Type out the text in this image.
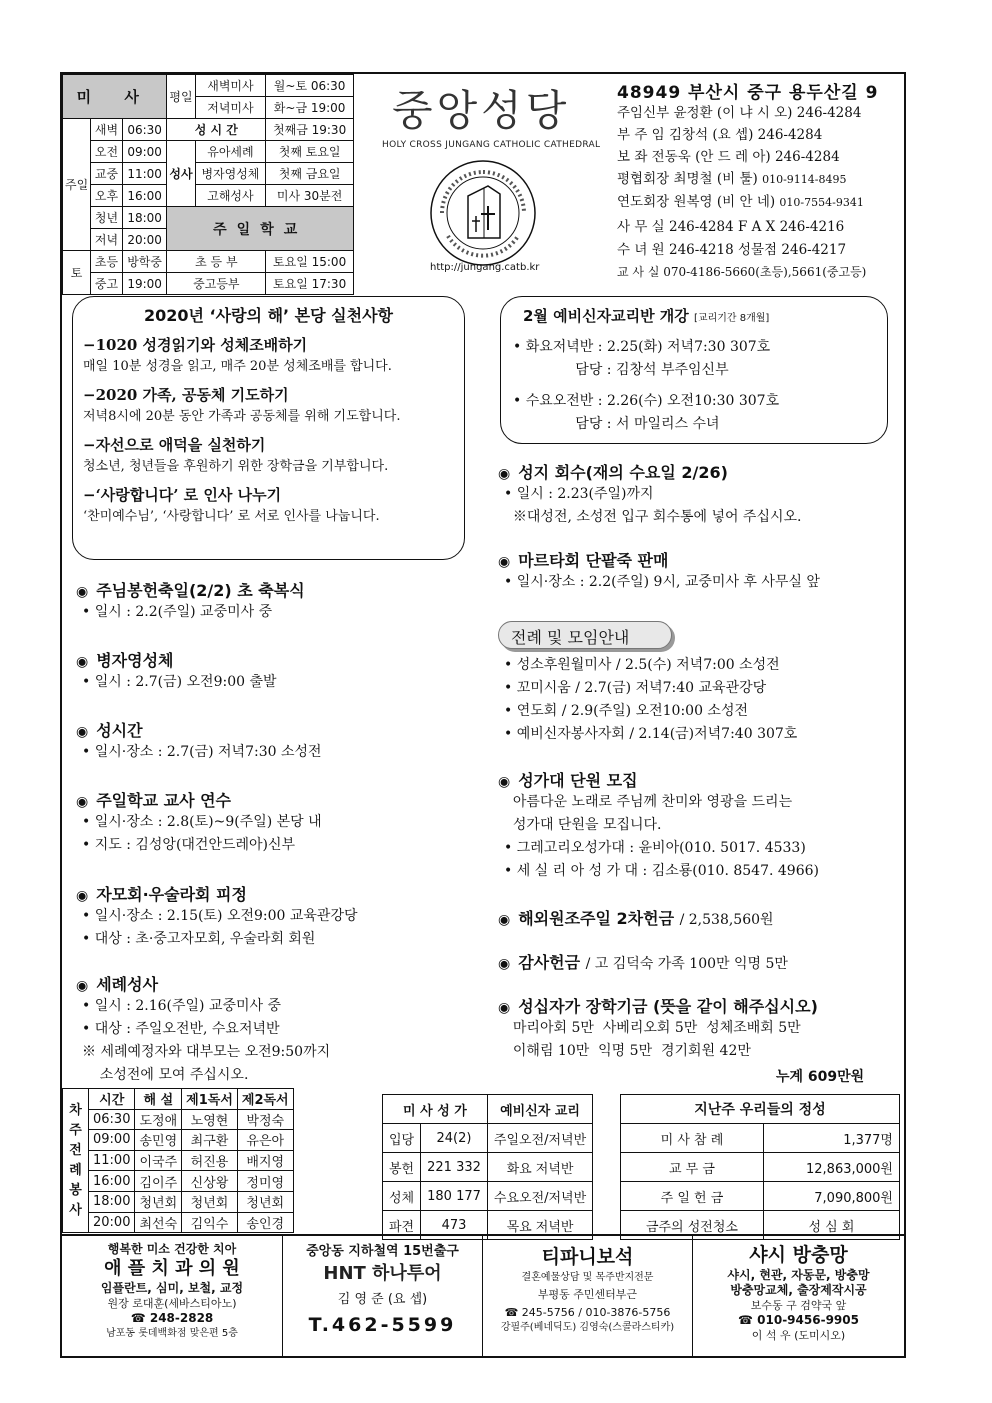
미 사			평일	새벽미사	월~토 06:30
				저녁미사	화~금 19:00
주일	새벽	06:30	성 시 간		첫째금 19:30
	오전	09:00	성사	유아세례	첫째 토요일
	교중	11:00		병자영성체	첫째 금요일
	오후	16:00		고해성사	미사 30분전
	청년	18:00	주일학교		
	저녁	20:00			
토	초등	방학중	초 등 부		토요일 15:00
	중고	19:00	중고등부		토요일 17:30
중앙성당
HOLY CROSS JUNGANG CATHOLIC CATHEDRAL
http://jungang.catb.kr
48949 부산시 중구 용두산길 9
주임신부 윤정환 (이 냐 시 오) 246-4284
부 주 임 김창석 (요 셉) 246-4284
보 좌 전동욱 (안 드 레 아) 246-4284
평협회장 최명철 (비 툴) 010-9114-8495
연도회장 원복영 (비 안 네) 010-7554-9341
사 무 실 246-4284 F A X 246-4216
수 녀 원 246-4218 성물점 246-4217
교 사 실 070-4186-5660(초등),5661(중고등)
2020년 ‘사랑의 해’ 본당 실천사항
−1020 성경읽기와 성체조배하기
매일 10분 성경을 읽고, 매주 20분 성체조배를 합니다.
−2020 가족, 공동체 기도하기
저녁8시에 20분 동안 가족과 공동체를 위해 기도합니다.
−자선으로 애덕을 실천하기
청소년, 청년들을 후원하기 위한 장학금을 기부합니다.
−‘사랑합니다’ 로 인사 나누기
‘찬미예수님’, ‘사랑합니다’ 로 서로 인사를 나눕니다.
2월 예비신자교리반 개강 [교리기간 8개월]
• 화요저녁반 : 2.25(화) 저녁7:30 307호
담당 : 김창석 부주임신부
• 수요오전반 : 2.26(수) 오전10:30 307호
담당 : 서 마일리스 수녀
◉ 주님봉헌축일(2/2) 초 축복식
• 일시 : 2.2(주일) 교중미사 중
◉ 병자영성체
• 일시 : 2.7(금) 오전9:00 출발
◉ 성시간
• 일시·장소 : 2.7(금) 저녁7:30 소성전
◉ 주일학교 교사 연수
• 일시·장소 : 2.8(토)~9(주일) 본당 내
• 지도 : 김성앙(대건안드레아)신부
◉ 자모회·우술라회 피정
• 일시·장소 : 2.15(토) 오전9:00 교육관강당
• 대상 : 초·중고자모회, 우술라회 회원
◉ 세례성사
• 일시 : 2.16(주일) 교중미사 중
• 대상 : 주일오전반, 수요저녁반
※ 세례예정자와 대부모는 오전9:50까지
소성전에 모여 주십시오.
◉ 성지 회수(재의 수요일 2/26)
• 일시 : 2.23(주일)까지
※대성전, 소성전 입구 회수통에 넣어 주십시오.
◉ 마르타회 단팥죽 판매
• 일시·장소 : 2.2(주일) 9시, 교중미사 후 사무실 앞
전례 및 모임안내
• 성소후원월미사 / 2.5(수) 저녁7:00 소성전
• 꼬미시움 / 2.7(금) 저녁7:40 교육관강당
• 연도회 / 2.9(주일) 오전10:00 소성전
• 예비신자봉사자회 / 2.14(금)저녁7:40 307호
◉ 성가대 단원 모집
아름다운 노래로 주님께 찬미와 영광을 드리는
성가대 단원을 모집니다.
• 그레고리오성가대 : 윤비아(010. 5017. 4533)
• 세 실 리 아 성 가 대 : 김소룡(010. 8547. 4966)
◉ 해외원조주일 2차헌금 / 2,538,560원
◉ 감사헌금 / 고 김덕숙 가족 100만 익명 5만
◉ 성십자가 장학기금 (뜻을 같이 해주십시오)
마리아회 5만  사베리오회 5만  성체조배회 5만
이해림 10만  익명 5만  경기회원 42만
누계 609만원
차주전례봉사	시간	해 설	제1독서	제2독서
	06:30	도정애	노영현	박정숙
	09:00	송민영	최구환	유은아
	11:00	이국주	허진용	배지영
	16:00	김이주	신상왕	정미영
	18:00	청년회	청년회	청년회
	20:00	최선숙	김익수	송인경
미 사 성 가		예비신자 교리
입당	24(2)	주일오전/저녁반
봉헌	221 332	화요 저녁반
성체	180 177	수요오전/저녁반
파견	473	목요 저녁반
지난주 우리들의 정성	
미 사 참 례	1,377명
교 무 금	12,863,000원
주 일 헌 금	7,090,800원
금주의 성전청소	성 심 회
행복한 미소 건강한 치아
애 플 치 과 의 원
임플란트, 심미, 보철, 교정
원장 로대훈(세바스티아노)
☎ 248-2828
남포동 롯데백화점 맞은편 5층
중앙동 지하철역 15번출구
HNT 하나투어
김 영 준 (요 셉)
T.462-5599
티파니보석
결혼예물상담 및 목주반지전문
부평동 주민센터부근
☎ 245-5756 / 010-3876-5756
강필주(베네딕도) 김영숙(스콜라스티카)
샤시 방충망
샤시, 현관, 자동문, 방충망
방충망교체, 출장제작시공
보수동 구 검약국 앞
☎ 010-9456-9905
이 석 우 (도미시오)
